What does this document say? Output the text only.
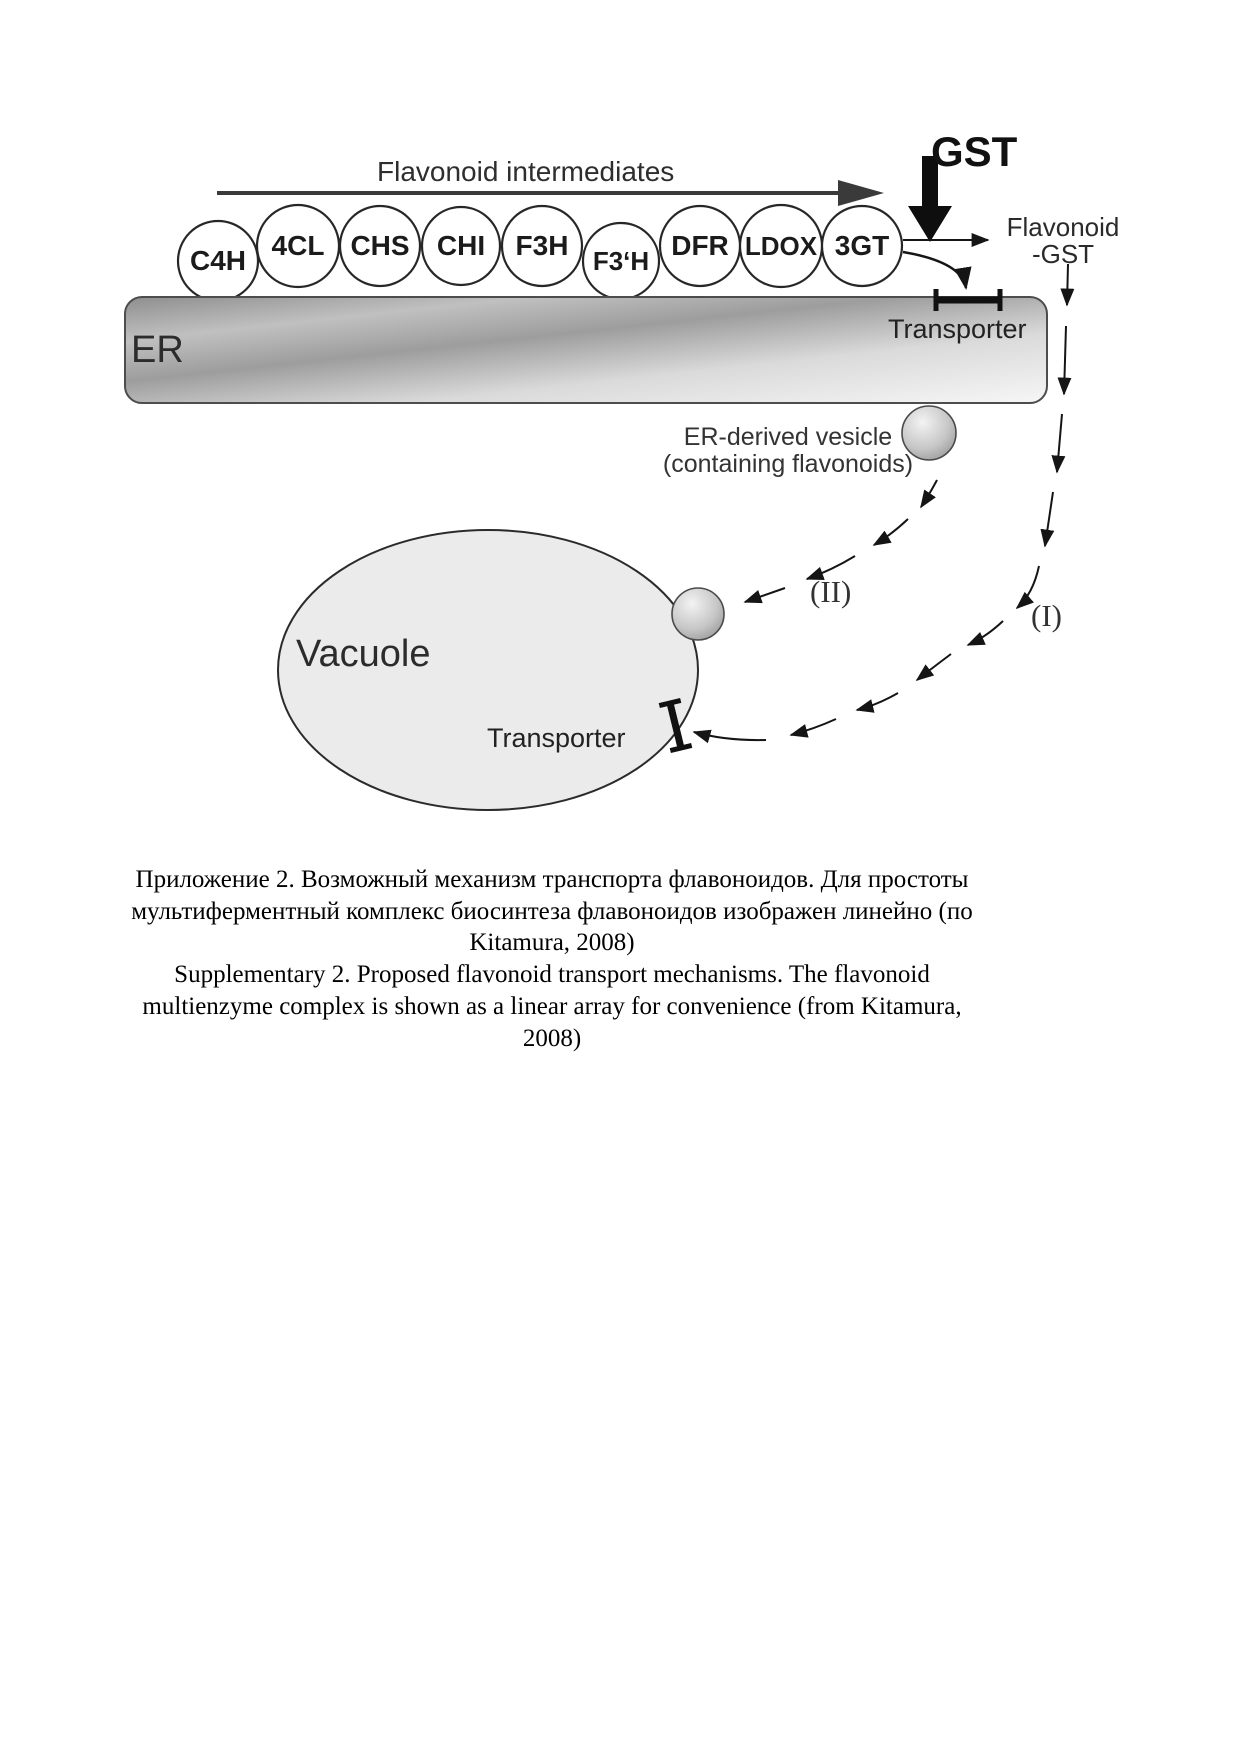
Flavonoid intermediates
C4H 4CL CHS CHI	F3H F3‘H DFR LDOX 3GT
GST
Flavonoid
-GST
ER	Transporter
ER-derived vesicle
(containing flavonoids)
Vacuole
Transporter
(II)
(I)
Приложение 2. Возможный механизм транспорта флавоноидов. Для простоты
мультиферментный комплекс биосинтеза флавоноидов изображен линейно (по
Kitamura, 2008)
Supplementary 2. Proposed flavonoid transport mechanisms. The flavonoid
multienzyme complex is shown as a linear array for convenience (from Kitamura,
2008)
